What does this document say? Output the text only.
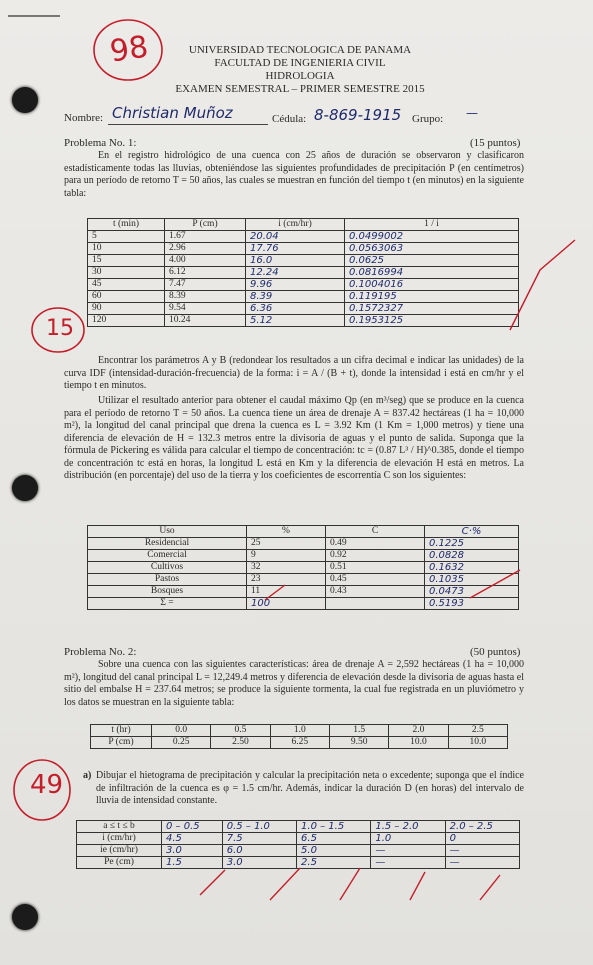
UNIVERSIDAD TECNOLOGICA DE PANAMA
FACULTAD DE INGENIERIA CIVIL
HIDROLOGIA
EXAMEN SEMESTRAL – PRIMER SEMESTRE 2015
98
15
49
Nombre: Christian Muñoz	Cédula: 8-869-1915 Grupo: —
Problema No. 1:	(15 puntos)
En el registro hidrológico de una cuenca con 25 años de duración se observaron y clasificaron estadísticamente todas las lluvias, obteniéndose las siguientes profundidades de precipitación P (en centímetros) para un período de retorno T = 50 años, las cuales se muestran en función del tiempo t (en minutos) en la siguiente tabla:
t (min)	P (cm)	i (cm/hr)	1 / i
5	1.67	20.04	0.0499002
10	2.96	17.76	0.0563063
15	4.00	16.0	0.0625
30	6.12	12.24	0.0816994
45	7.47	9.96	0.1004016
60	8.39	8.39	0.119195
90	9.54	6.36	0.1572327
120	10.24	5.12	0.1953125
Encontrar los parámetros A y B (redondear los resultados a un cifra decimal e indicar las unidades) de la curva IDF (intensidad-duración-frecuencia) de la forma: i = A / (B + t), donde la intensidad i está en cm/hr y el tiempo t en minutos.
Utilizar el resultado anterior para obtener el caudal máximo Qp (en m³/seg) que se produce en la cuenca para el período de retorno T = 50 años. La cuenca tiene un área de drenaje A = 837.42 hectáreas (1 ha = 10,000 m²), la longitud del canal principal que drena la cuenca es L = 3.92 Km (1 Km = 1,000 metros) y tiene una diferencia de elevación de H = 132.3 metros entre la divisoria de aguas y el punto de salida. Suponga que la fórmula de Pickering es válida para calcular el tiempo de concentración: tc = (0.87 L³ / H)^0.385, donde el tiempo de concentración tc está en horas, la longitud L está en Km y la diferencia de elevación H está en metros. La distribución (en porcentaje) del uso de la tierra y los coeficientes de escorrentía C son los siguientes:
Uso	%	C	C·%
Residencial	25	0.49	0.1225
Comercial	9	0.92	0.0828
Cultivos	32	0.51	0.1632
Pastos	23	0.45	0.1035
Bosques	11	0.43	0.0473
Σ =	100		0.5193
Problema No. 2:	(50 puntos)
Sobre una cuenca con las siguientes características: área de drenaje A = 2,592 hectáreas (1 ha = 10,000 m²), longitud del canal principal L = 12,249.4 metros y diferencia de elevación desde la divisoria de aguas hasta el sitio del embalse H = 237.64 metros; se produce la siguiente tormenta, la cual fue registrada en un pluviómetro y los datos se muestran en la siguiente tabla:
t (hr)	0.0	0.5	1.0	1.5	2.0	2.5
P (cm)	0.25	2.50	6.25	9.50	10.0	10.0
a) Dibujar el hietograma de precipitación y calcular la precipitación neta o excedente; suponga que el índice de infiltración de la cuenca es φ = 1.5 cm/hr. Además, indicar la duración D (en horas) del intervalo de lluvia de intensidad constante.
a ≤ t ≤ b	0 – 0.5	0.5 – 1.0	1.0 – 1.5	1.5 – 2.0	2.0 – 2.5
i (cm/hr)	4.5	7.5	6.5	1.0	0
ie (cm/hr)	3.0	6.0	5.0	—	—
Pe (cm)	1.5	3.0	2.5	—	—
